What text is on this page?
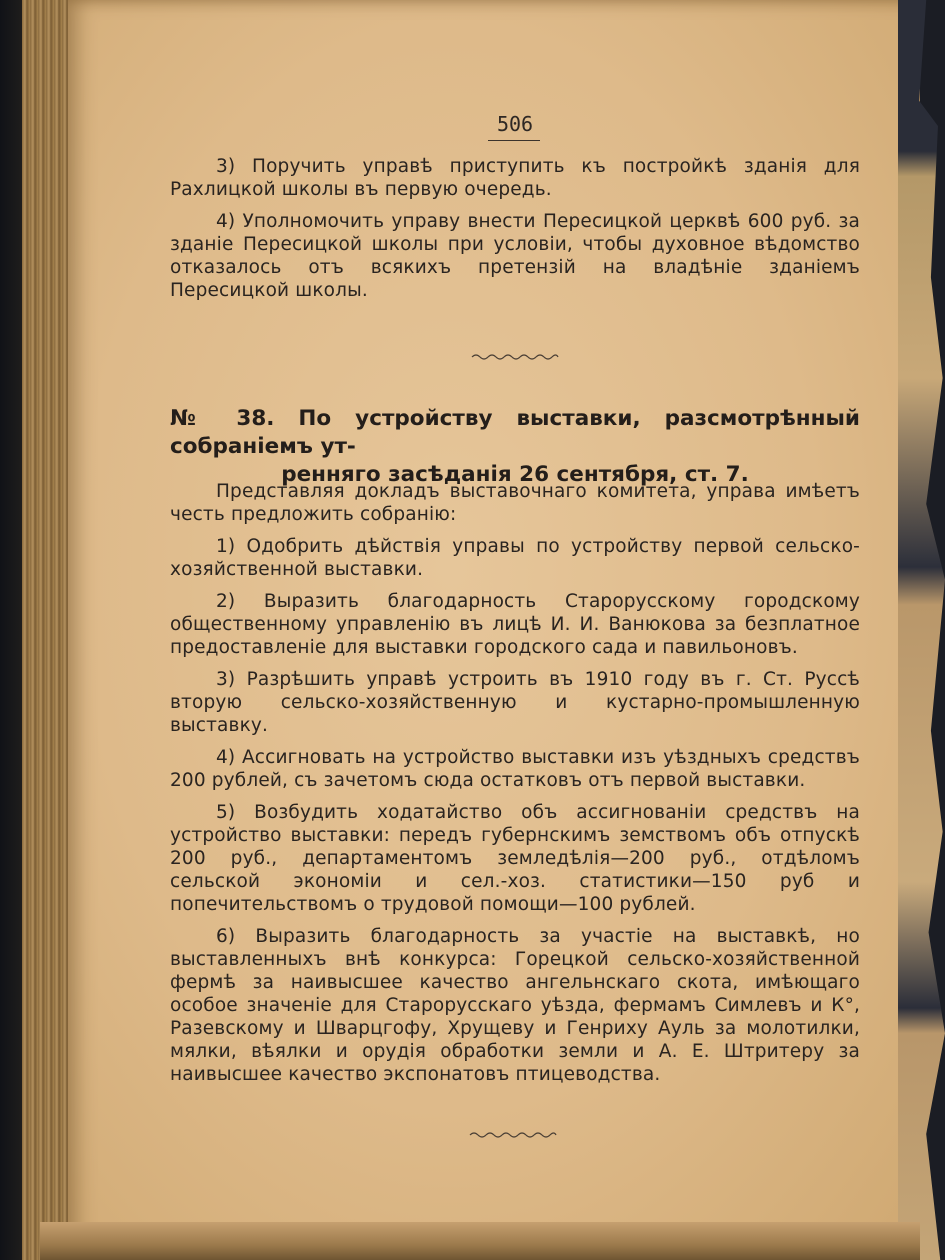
506

3) Поручить управѣ приступить къ постройкѣ зданія для Рахлицкой школы въ первую очередь.

4) Уполномочить управу внести Пересицкой церквѣ 600 руб. за зданіе Пересицкой школы при условіи, чтобы духовное вѣдомство отказалось отъ всякихъ претензій на владѣніе зданіемъ Пересицкой школы.

№ 38. По устройству выставки, разсмотрѣнный собраніемъ ут-
ренняго засѣданія 26 сентября, ст. 7.

Представляя докладъ выставочнаго комитета, управа имѣетъ честь предложить собранію:

1) Одобрить дѣйствія управы по устройству первой сельско-хозяйственной выставки.

2) Выразить благодарность Старорусскому городскому общественному управленію въ лицѣ И. И. Ванюкова за безплатное предоставленіе для выставки городского сада и павильоновъ.

3) Разрѣшить управѣ устроить въ 1910 году въ г. Ст. Руссѣ вторую сельско-хозяйственную и кустарно-промышленную выставку.

4) Ассигновать на устройство выставки изъ уѣздныхъ средствъ 200 рублей, съ зачетомъ сюда остатковъ отъ первой выставки.

5) Возбудить ходатайство объ ассигнованіи средствъ на устройство выставки: передъ губернскимъ земствомъ объ отпускѣ 200 руб., департаментомъ земледѣлія—200 руб., отдѣломъ сельской экономіи и сел.-хоз. статистики—150 руб и попечительствомъ о трудовой помощи—100 рублей.

6) Выразить благодарность за участіе на выставкѣ, но выставленныхъ внѣ конкурса: Горецкой сельско-хозяйственной фермѣ за наивысшее качество ангельнскаго скота, имѣющаго особое значеніе для Старорусскаго уѣзда, фермамъ Симлевъ и К°, Разевскому и Шварцгофу, Хрущеву и Генриху Ауль за молотилки, мялки, вѣялки и орудія обработки земли и А. Е. Штритеру за наивысшее качество экспонатовъ птицеводства.
